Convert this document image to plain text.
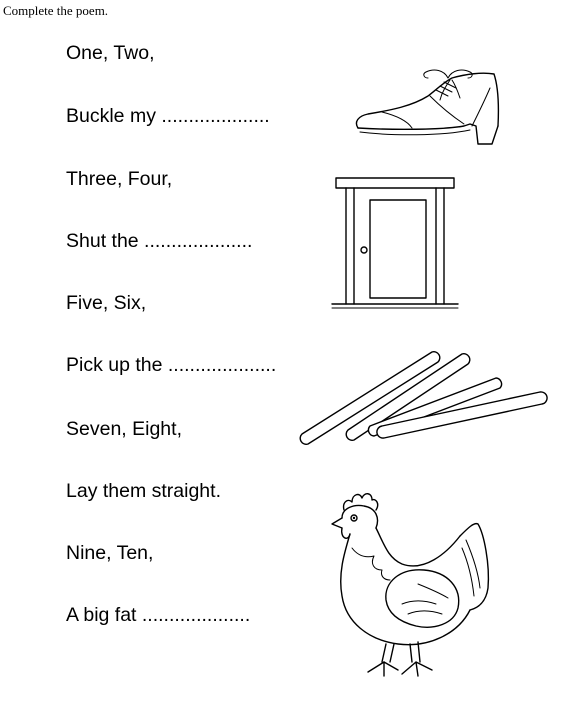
Complete the poem.
One, Two,
Buckle my ....................
Three, Four,
Shut the ....................
Five, Six,
Pick up the ....................
Seven, Eight,
Lay them straight.
Nine, Ten,
A big fat ....................
